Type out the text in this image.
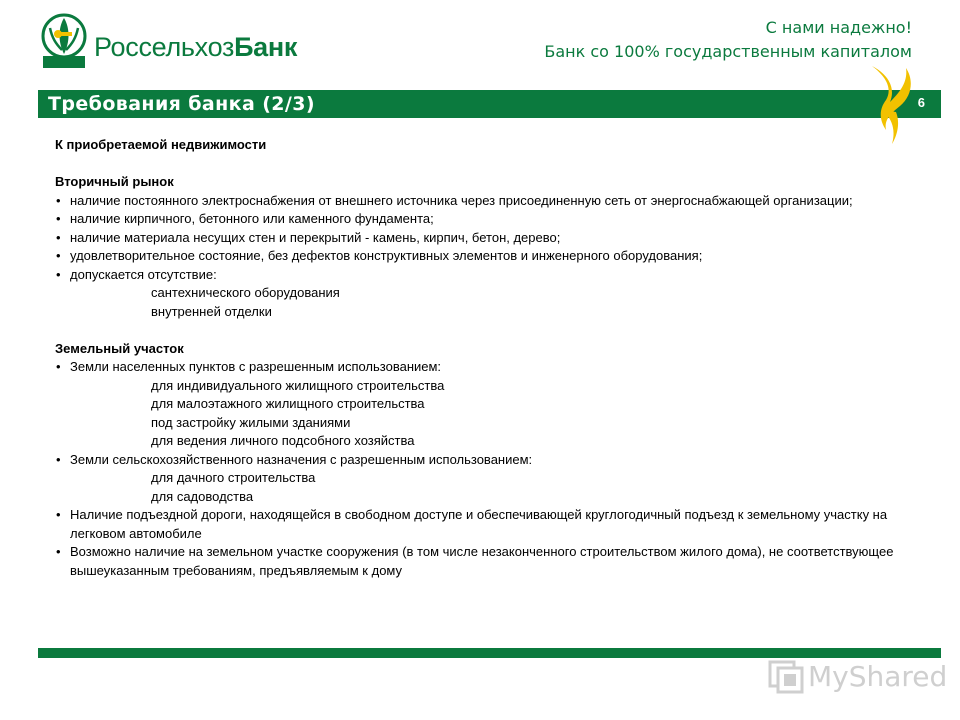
РоссельхозБанк
С нами надежно!
Банк со 100% государственным капиталом
Требования банка (2/3)	6
К приобретаемой недвижимости
Вторичный рынок
• наличие постоянного электроснабжения от внешнего источника через присоединенную сеть от энергоснабжающей организации;
• наличие кирпичного, бетонного или каменного фундамента;
• наличие материала несущих стен и перекрытий - камень, кирпич, бетон, дерево;
• удовлетворительное состояние, без дефектов конструктивных элементов и инженерного оборудования;
• допускается отсутствие:
сантехнического оборудования
внутренней отделки
Земельный участок
• Земли населенных пунктов с разрешенным использованием:
для индивидуального жилищного строительства
для малоэтажного жилищного строительства
под застройку жилыми зданиями
для ведения личного подсобного хозяйства
• Земли сельскохозяйственного назначения с разрешенным использованием:
для дачного строительства
для садоводства
• Наличие подъездной дороги, находящейся в свободном доступе и обеспечивающей круглогодичный подъезд к земельному участку на легковом автомобиле
• Возможно наличие на земельном участке сооружения (в том числе незаконченного строительством жилого дома), не соответствующее вышеуказанным требованиям, предъявляемым к дому
MyShared
